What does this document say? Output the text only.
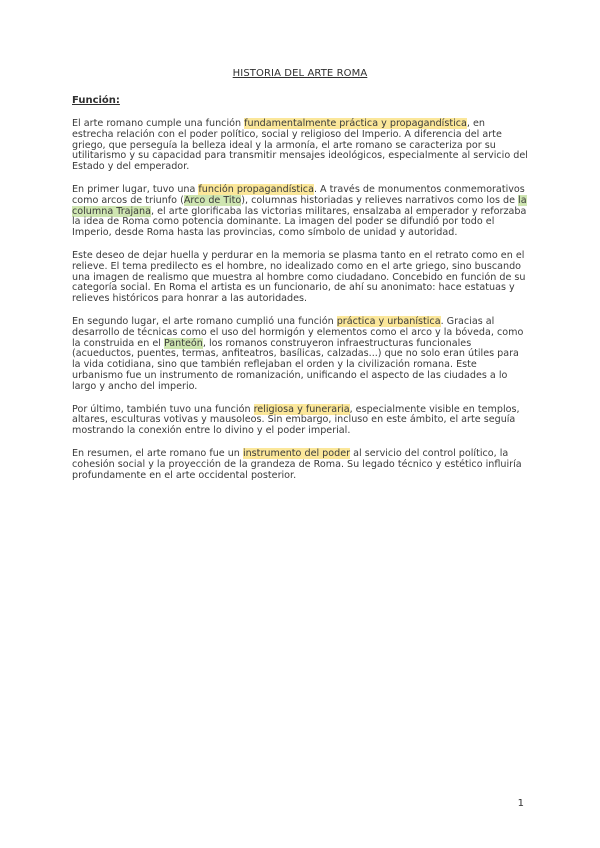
HISTORIA DEL ARTE ROMA
Función:

El arte romano cumple una función fundamentalmente práctica y propagandística, en estrecha relación con el poder político, social y religioso del Imperio. A diferencia del arte griego, que perseguía la belleza ideal y la armonía, el arte romano se caracteriza por su utilitarismo y su capacidad para transmitir mensajes ideológicos, especialmente al servicio del Estado y del emperador.

En primer lugar, tuvo una función propagandística. A través de monumentos conmemorativos como arcos de triunfo (Arco de Tito), columnas historiadas y relieves narrativos como los de la columna Trajana, el arte glorificaba las victorias militares, ensalzaba al emperador y reforzaba la idea de Roma como potencia dominante. La imagen del poder se difundió por todo el Imperio, desde Roma hasta las provincias, como símbolo de unidad y autoridad.

Este deseo de dejar huella y perdurar en la memoria se plasma tanto en el retrato como en el relieve. El tema predilecto es el hombre, no idealizado como en el arte griego, sino buscando una imagen de realismo que muestra al hombre como ciudadano. Concebido en función de su categoría social. En Roma el artista es un funcionario, de ahí su anonimato: hace estatuas y relieves históricos para honrar a las autoridades.

En segundo lugar, el arte romano cumplió una función práctica y urbanística. Gracias al desarrollo de técnicas como el uso del hormigón y elementos como el arco y la bóveda, como la construida en el Panteón, los romanos construyeron infraestructuras funcionales (acueductos, puentes, termas, anfiteatros, basílicas, calzadas...) que no solo eran útiles para la vida cotidiana, sino que también reflejaban el orden y la civilización romana. Este urbanismo fue un instrumento de romanización, unificando el aspecto de las ciudades a lo largo y ancho del imperio.

Por último, también tuvo una función religiosa y funeraria, especialmente visible en templos, altares, esculturas votivas y mausoleos. Sin embargo, incluso en este ámbito, el arte seguía mostrando la conexión entre lo divino y el poder imperial.

En resumen, el arte romano fue un instrumento del poder al servicio del control político, la cohesión social y la proyección de la grandeza de Roma. Su legado técnico y estético influiría profundamente en el arte occidental posterior.

1
